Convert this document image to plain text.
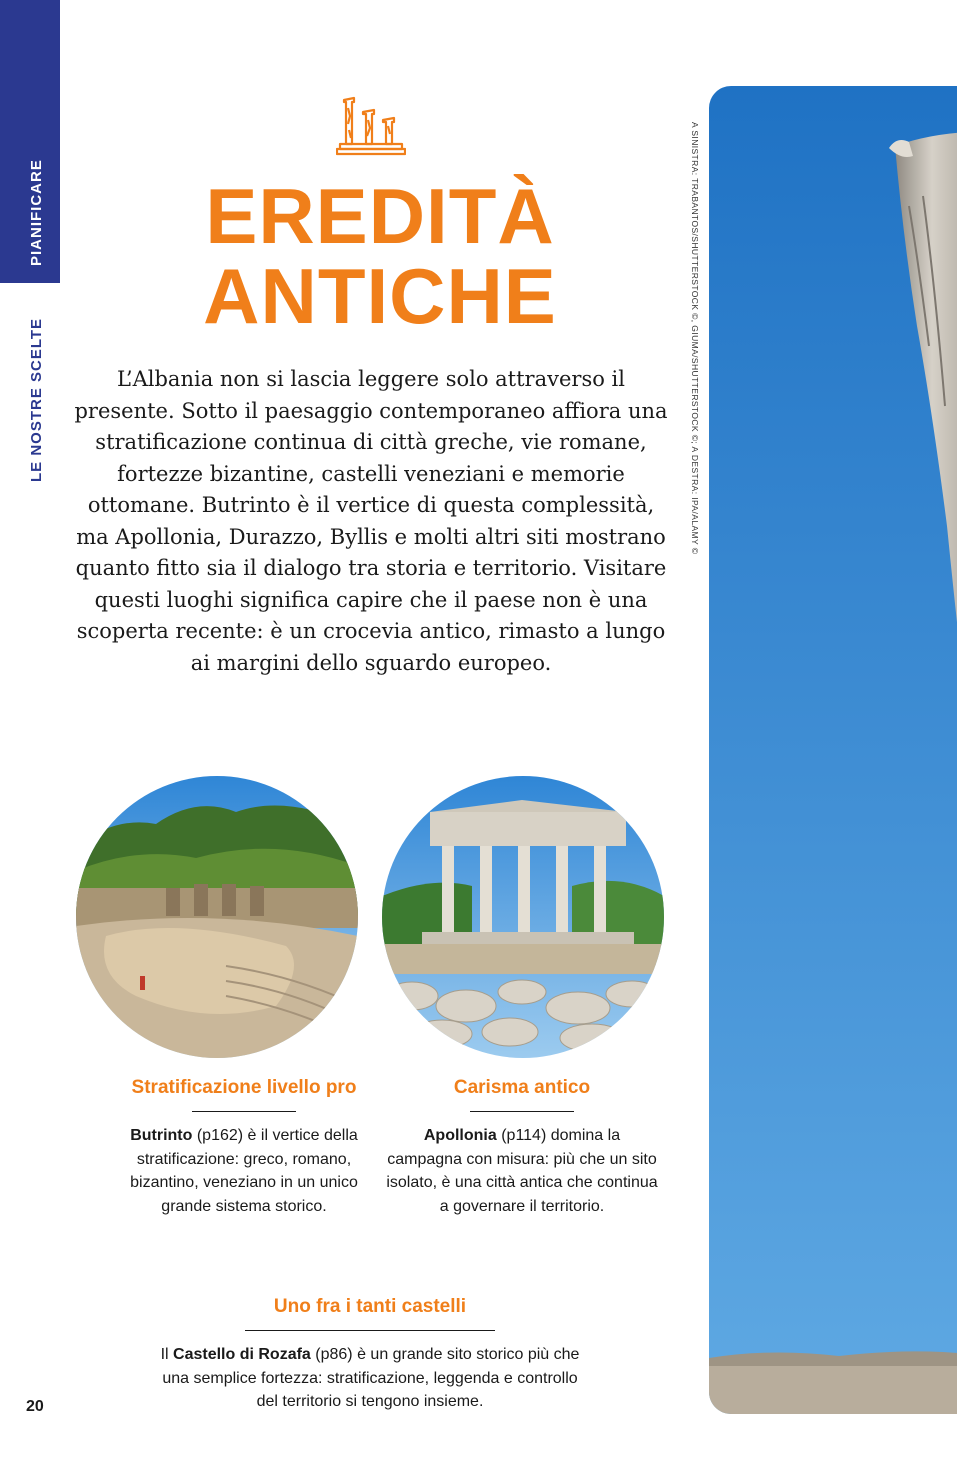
PIANIFICARE
LE NOSTRE SCELTE
EREDITÀ
ANTICHE
L’Albania non si lascia leggere solo attraverso il presente. Sotto il paesaggio contemporaneo affiora una stratificazione continua di città greche, vie romane, fortezze bizantine, castelli veneziani e memorie ottomane. Butrinto è il vertice di questa complessità, ma Apollonia, Durazzo, Byllis e molti altri siti mostrano quanto fitto sia il dialogo tra storia e territorio. Visitare questi luoghi significa capire che il paese non è una scoperta recente: è un crocevia antico, rimasto a lungo ai margini dello sguardo europeo.
Stratificazione livello pro
Butrinto (p162) è il vertice della stratificazione: greco, romano, bizantino, veneziano in un unico grande sistema storico.
Carisma antico
Apollonia (p114) domina la campagna con misura: più che un sito isolato, è una città antica che continua a governare il territorio.
Uno fra i tanti castelli
Il Castello di Rozafa (p86) è un grande sito storico più che una semplice fortezza: stratificazione, leggenda e controllo del territorio si tengono insieme.
20
A SINISTRA: TRABANTOS/SHUTTERSTOCK ©, GIUMA/SHUTTERSTOCK ©; A DESTRA: IPA/ALAMY ©
